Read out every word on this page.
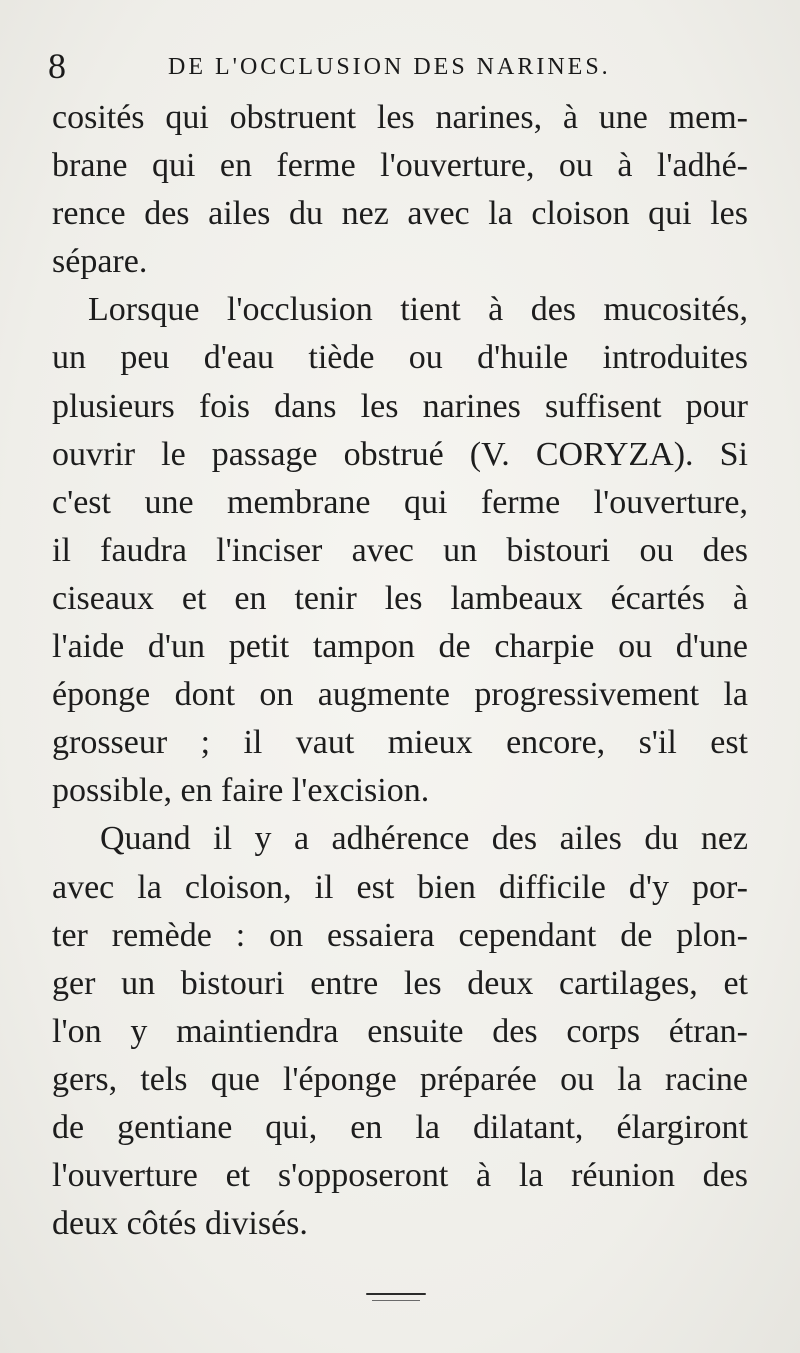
8	DE L'OCCLUSION DES NARINES.
cosités qui obstruent les narines, à une mem-
brane qui en ferme l'ouverture, ou à l'adhé-
rence des ailes du nez avec la cloison qui les
sépare.
Lorsque l'occlusion tient à des mucosités,
un peu d'eau tiède ou d'huile introduites
plusieurs fois dans les narines suffisent pour
ouvrir le passage obstrué (V. CORYZA). Si
c'est une membrane qui ferme l'ouverture,
il faudra l'inciser avec un bistouri ou des
ciseaux et en tenir les lambeaux écartés à
l'aide d'un petit tampon de charpie ou d'une
éponge dont on augmente progressivement la
grosseur ; il vaut mieux encore, s'il est
possible, en faire l'excision.
Quand il y a adhérence des ailes du nez
avec la cloison, il est bien difficile d'y por-
ter remède : on essaiera cependant de plon-
ger un bistouri entre les deux cartilages, et
l'on y maintiendra ensuite des corps étran-
gers, tels que l'éponge préparée ou la racine
de gentiane qui, en la dilatant, élargiront
l'ouverture et s'opposeront à la réunion des
deux côtés divisés.
